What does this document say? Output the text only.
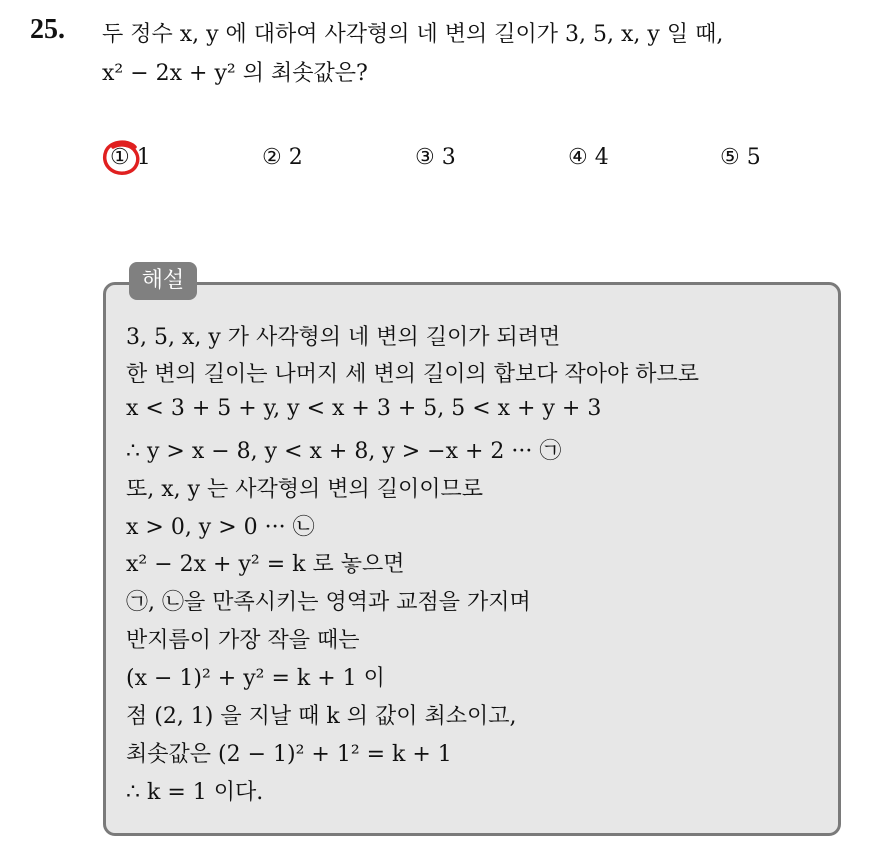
25. 두 정수 x, y 에 대하여 사각형의 네 변의 길이가 3, 5, x, y 일 때,
x² − 2x + y² 의 최솟값은?
① 1	② 2	③ 3	④ 4	⑤ 5
해설
3, 5, x, y 가 사각형의 네 변의 길이가 되려면
한 변의 길이는 나머지 세 변의 길이의 합보다 작아야 하므로
x < 3 + 5 + y, y < x + 3 + 5, 5 < x + y + 3
∴ y > x − 8, y < x + 8, y > −x + 2 ··· ㉠
또, x, y 는 사각형의 변의 길이이므로
x > 0, y > 0 ··· ㉡
x² − 2x + y² = k 로 놓으면
㉠, ㉡을 만족시키는 영역과 교점을 가지며
반지름이 가장 작을 때는
(x − 1)² + y² = k + 1 이
점 (2, 1) 을 지날 때 k 의 값이 최소이고,
최솟값은 (2 − 1)² + 1² = k + 1
∴ k = 1 이다.
